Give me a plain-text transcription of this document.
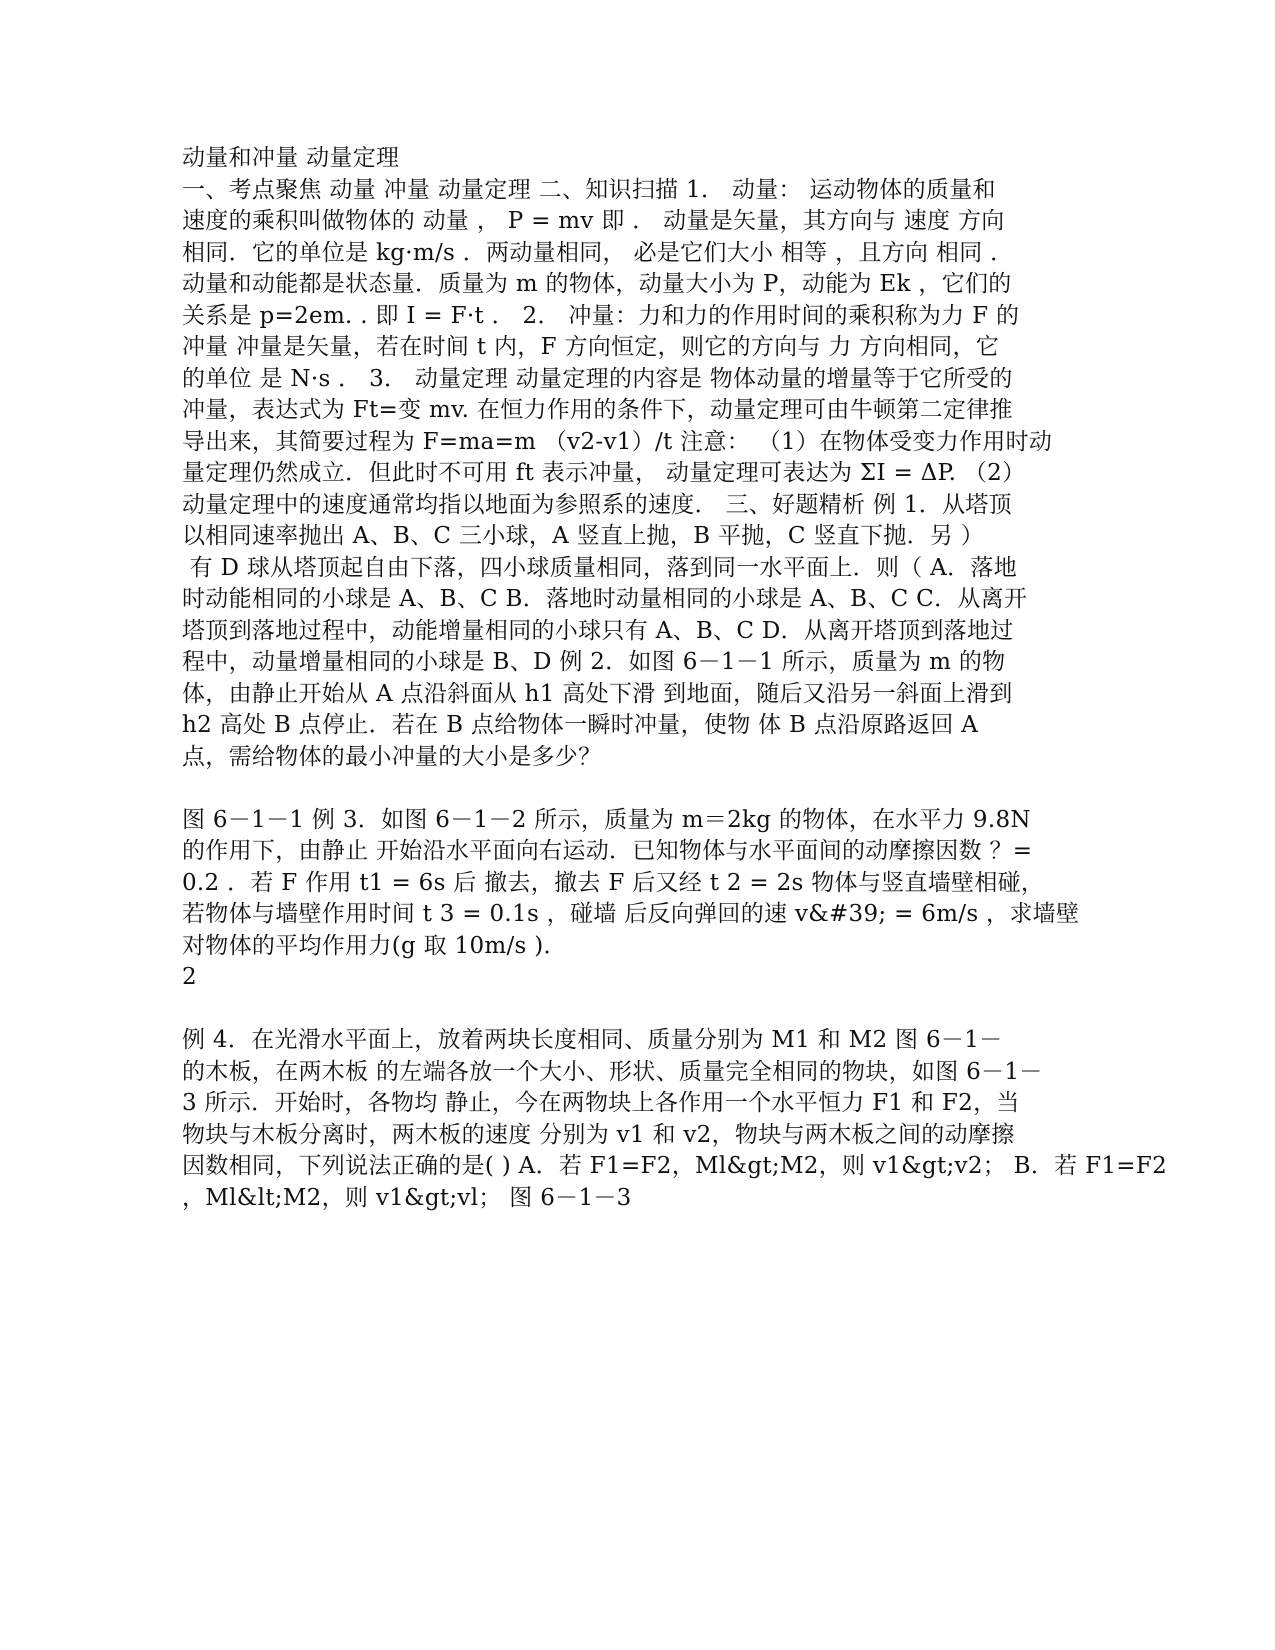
动量和冲量 动量定理
一、考点聚焦 动量 冲量 动量定理 二、知识扫描 1． 动量： 运动物体的质量和
速度的乘积叫做物体的 动量 ， P = mv 即 ． 动量是矢量，其方向与 速度 方向
相同．它的单位是 kg·m/s ．两动量相同， 必是它们大小 相等 ，且方向 相同 ．
动量和动能都是状态量．质量为 m 的物体，动量大小为 P，动能为 Ek ，它们的
关系是 p=2em. . 即 I = F·t ． 2． 冲量：力和力的作用时间的乘积称为力 F 的
冲量 冲量是矢量，若在时间 t 内，F 方向恒定，则它的方向与 力 方向相同，它
的单位 是 N·s ． 3． 动量定理 动量定理的内容是 物体动量的增量等于它所受的
冲量，表达式为 Ft=变 mv. 在恒力作用的条件下，动量定理可由牛顿第二定律推
导出来，其简要过程为 F=ma=m （v2-v1）/t 注意： （1）在物体受变力作用时动
量定理仍然成立．但此时不可用 ft 表示冲量， 动量定理可表达为 ΣI = ΔP. （2）
动量定理中的速度通常均指以地面为参照系的速度． 三、好题精析 例 1．从塔顶
以相同速率抛出 A、B、C 三小球，A 竖直上抛，B 平抛，C 竖直下抛．另 ）
有 D 球从塔顶起自由下落，四小球质量相同，落到同一水平面上．则（ A．落地
时动能相同的小球是 A、B、C B．落地时动量相同的小球是 A、B、C C．从离开
塔顶到落地过程中，动能增量相同的小球只有 A、B、C D．从离开塔顶到落地过
程中，动量增量相同的小球是 B、D 例 2．如图 6－1－1 所示，质量为 m 的物
体，由静止开始从 A 点沿斜面从 h1 高处下滑 到地面，随后又沿另一斜面上滑到
h2 高处 B 点停止．若在 B 点给物体一瞬时冲量，使物 体 B 点沿原路返回 A
点，需给物体的最小冲量的大小是多少？
图 6－1－1 例 3．如图 6－1－2 所示，质量为 m＝2kg 的物体，在水平力 9.8N
的作用下，由静止 开始沿水平面向右运动．已知物体与水平面间的动摩擦因数 ？=
0.2 ．若 F 作用 t1 = 6s 后 撤去，撤去 F 后又经 t 2 = 2s 物体与竖直墙壁相碰，
若物体与墙壁作用时间 t 3 = 0.1s ，碰墙 后反向弹回的速 v&#39; = 6m/s ，求墙壁
对物体的平均作用力(g 取 10m/s )．
2
例 4．在光滑水平面上，放着两块长度相同、质量分别为 M1 和 M2 图 6－1－
的木板，在两木板 的左端各放一个大小、形状、质量完全相同的物块，如图 6－1－
3 所示．开始时，各物均 静止，今在两物块上各作用一个水平恒力 F1 和 F2，当
物块与木板分离时，两木板的速度 分别为 v1 和 v2，物块与两木板之间的动摩擦
因数相同，下列说法正确的是( ) A．若 F1=F2，Ml&gt;M2，则 v1&gt;v2； B．若 F1=F2
，Ml&lt;M2，则 v1&gt;vl； 图 6－1－3
